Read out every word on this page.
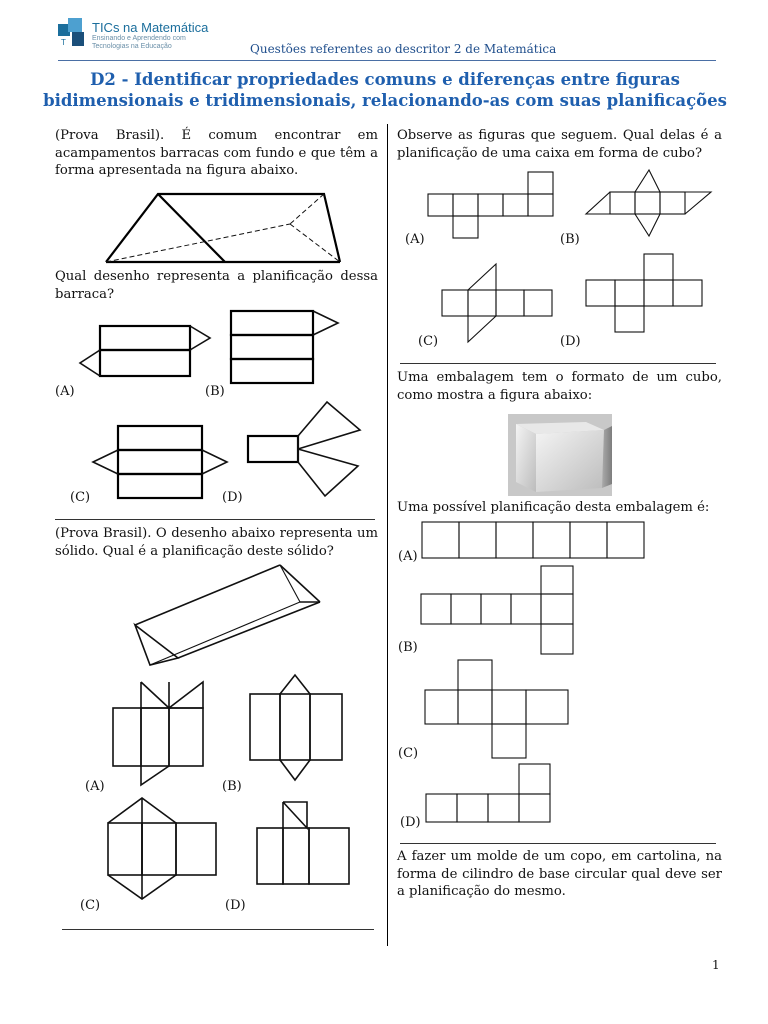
T
TICs na Matemática
Ensinando e Aprendendo com Tecnologias na Educação	Questões referentes ao descritor 2 de Matemática
D2 - Identificar propriedades comuns e diferenças entre figuras bidimensionais e tridimensionais, relacionando-as com suas planificações
(Prova Brasil). É comum encontrar em acampamentos barracas com fundo e que têm a forma apresentada na figura abaixo.
Qual desenho representa a planificação dessa barraca?
(A)	(B)
(C)	(D)
(Prova Brasil). O desenho abaixo representa um sólido. Qual é a planificação deste sólido?
(A)	(B)
(C)	(D)
Observe as figuras que seguem. Qual delas é a planificação de uma caixa em forma de cubo?
(A)	(B)
(C)	(D)
Uma embalagem tem o formato de um cubo, como mostra a figura abaixo:
Uma possível planificação desta embalagem é:
(A)
(B)
(C)
(D)
A fazer um molde de um copo, em cartolina, na forma de cilindro de base circular qual deve ser a planificação do mesmo.
1
